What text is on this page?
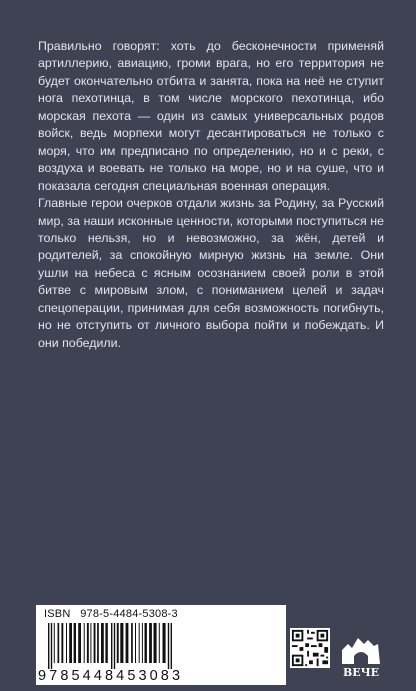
Правильно говорят: хоть до бесконечности применяй артиллерию, авиацию, громи врага, но его территория не будет окончательно отбита и занята, пока на неё не ступит нога пехотинца, в том числе морского пехотинца, ибо морская пехота — один из самых универсальных родов войск, ведь морпехи могут десантироваться не только с моря, что им предписано по определению, но и с реки, с воздуха и воевать не только на море, но и на суше, что и показала сегодня специальная военная операция.

Главные герои очерков отдали жизнь за Родину, за Русский мир, за наши исконные ценности, которыми поступиться не только нельзя, но и невозможно, за жён, детей и родителей, за спокойную мирную жизнь на земле. Они ушли на небеса с ясным осознанием своей роли в этой битве с мировым злом, с пониманием целей и задач спецоперации, принимая для себя возможность погибнуть, но не отступить от личного выбора пойти и побеждать. И они победили.

ISBN   978-5-4484-5308-3
9785448453083	ВЕЧЕ
